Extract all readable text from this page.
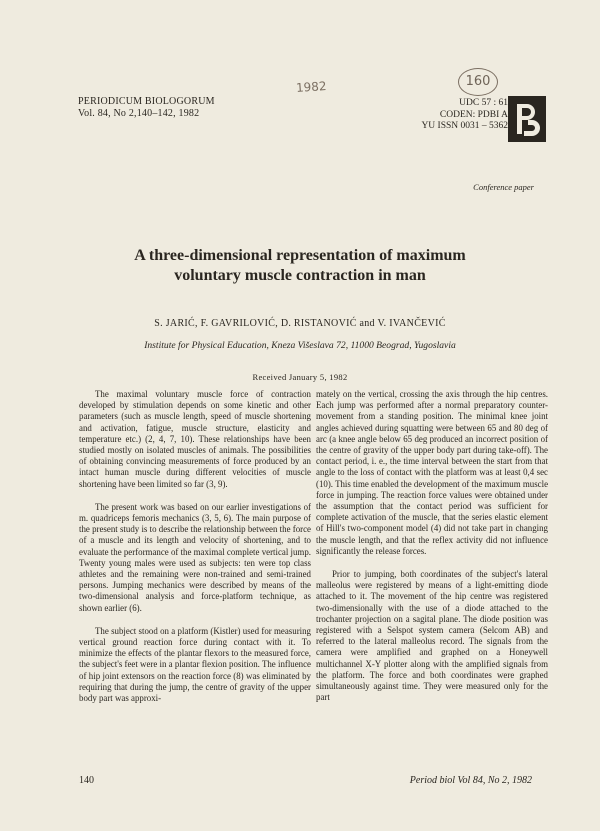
PERIODICUM BIOLOGORUM
Vol. 84, No 2,140–142, 1982
1982	160
UDC 57 : 61
CODEN: PDBI A
YU ISSN 0031 – 5362
Conference paper
A three-dimensional representation of maximum
voluntary muscle contraction in man
S. JARIĆ, F. GAVRILOVIĆ, D. RISTANOVIĆ and V. IVANČEVIĆ
Institute for Physical Education, Kneza Višeslava 72, 11000 Beograd, Yugoslavia
Received January 5, 1982

The maximal voluntary muscle force of contraction developed by stimulation depends on some kinetic and other parameters (such as muscle length, speed of muscle shortening and activation, fatigue, muscle structure, elasticity and temperature etc.) (2, 4, 7, 10). These relationships have been studied mostly on isolated muscles of animals. The possibilities of obtaining convincing measurements of force produced by an intact human muscle during different velocities of muscle shortening have been limited so far (3, 9).

The present work was based on our earlier investigations of m. quadriceps femoris mechanics (3, 5, 6). The main purpose of the present study is to describe the relationship between the force of a muscle and its length and velocity of shortening, and to evaluate the performance of the maximal complete vertical jump. Twenty young males were used as subjects: ten were top class athletes and the remaining were non-trained and semi-trained persons. Jumping mechanics were described by means of the two-dimensional analysis and force-platform technique, as shown earlier (6).

The subject stood on a platform (Kistler) used for measuring vertical ground reaction force during contact with it. To minimize the effects of the plantar flexors to the measured force, the subject's feet were in a plantar flexion position. The influence of hip joint extensors on the reaction force (8) was eliminated by requiring that during the jump, the centre of gravity of the upper body part was approxi-

mately on the vertical, crossing the axis through the hip centres. Each jump was performed after a normal preparatory counter-movement from a standing position. The minimal knee joint angles achieved during squatting were between 65 and 80 deg of arc (a knee angle below 65 deg produced an incorrect position of the centre of gravity of the upper body part during take-off). The contact period, i. e., the time interval between the start from that angle to the loss of contact with the platform was at least 0,4 sec (10). This time enabled the development of the maximum muscle force in jumping. The reaction force values were obtained under the assumption that the contact period was sufficient for complete activation of the muscle, that the series elastic element of Hill's two-component model (4) did not take part in changing the muscle length, and that the reflex activity did not influence significantly the release forces.

Prior to jumping, both coordinates of the subject's lateral malleolus were registered by means of a light-emitting diode attached to it. The movement of the hip centre was registered two-dimensionally with the use of a diode attached to the trochanter projection on a sagital plane. The diode position was registered with a Selspot system camera (Selcom AB) and referred to the lateral malleolus record. The signals from the camera were amplified and graphed on a Honeywell multichannel X-Y plotter along with the amplified signals from the platform. The force and both coordinates were graphed simultaneously against time. They were measured only for the part

140	Period biol Vol 84, No 2, 1982
